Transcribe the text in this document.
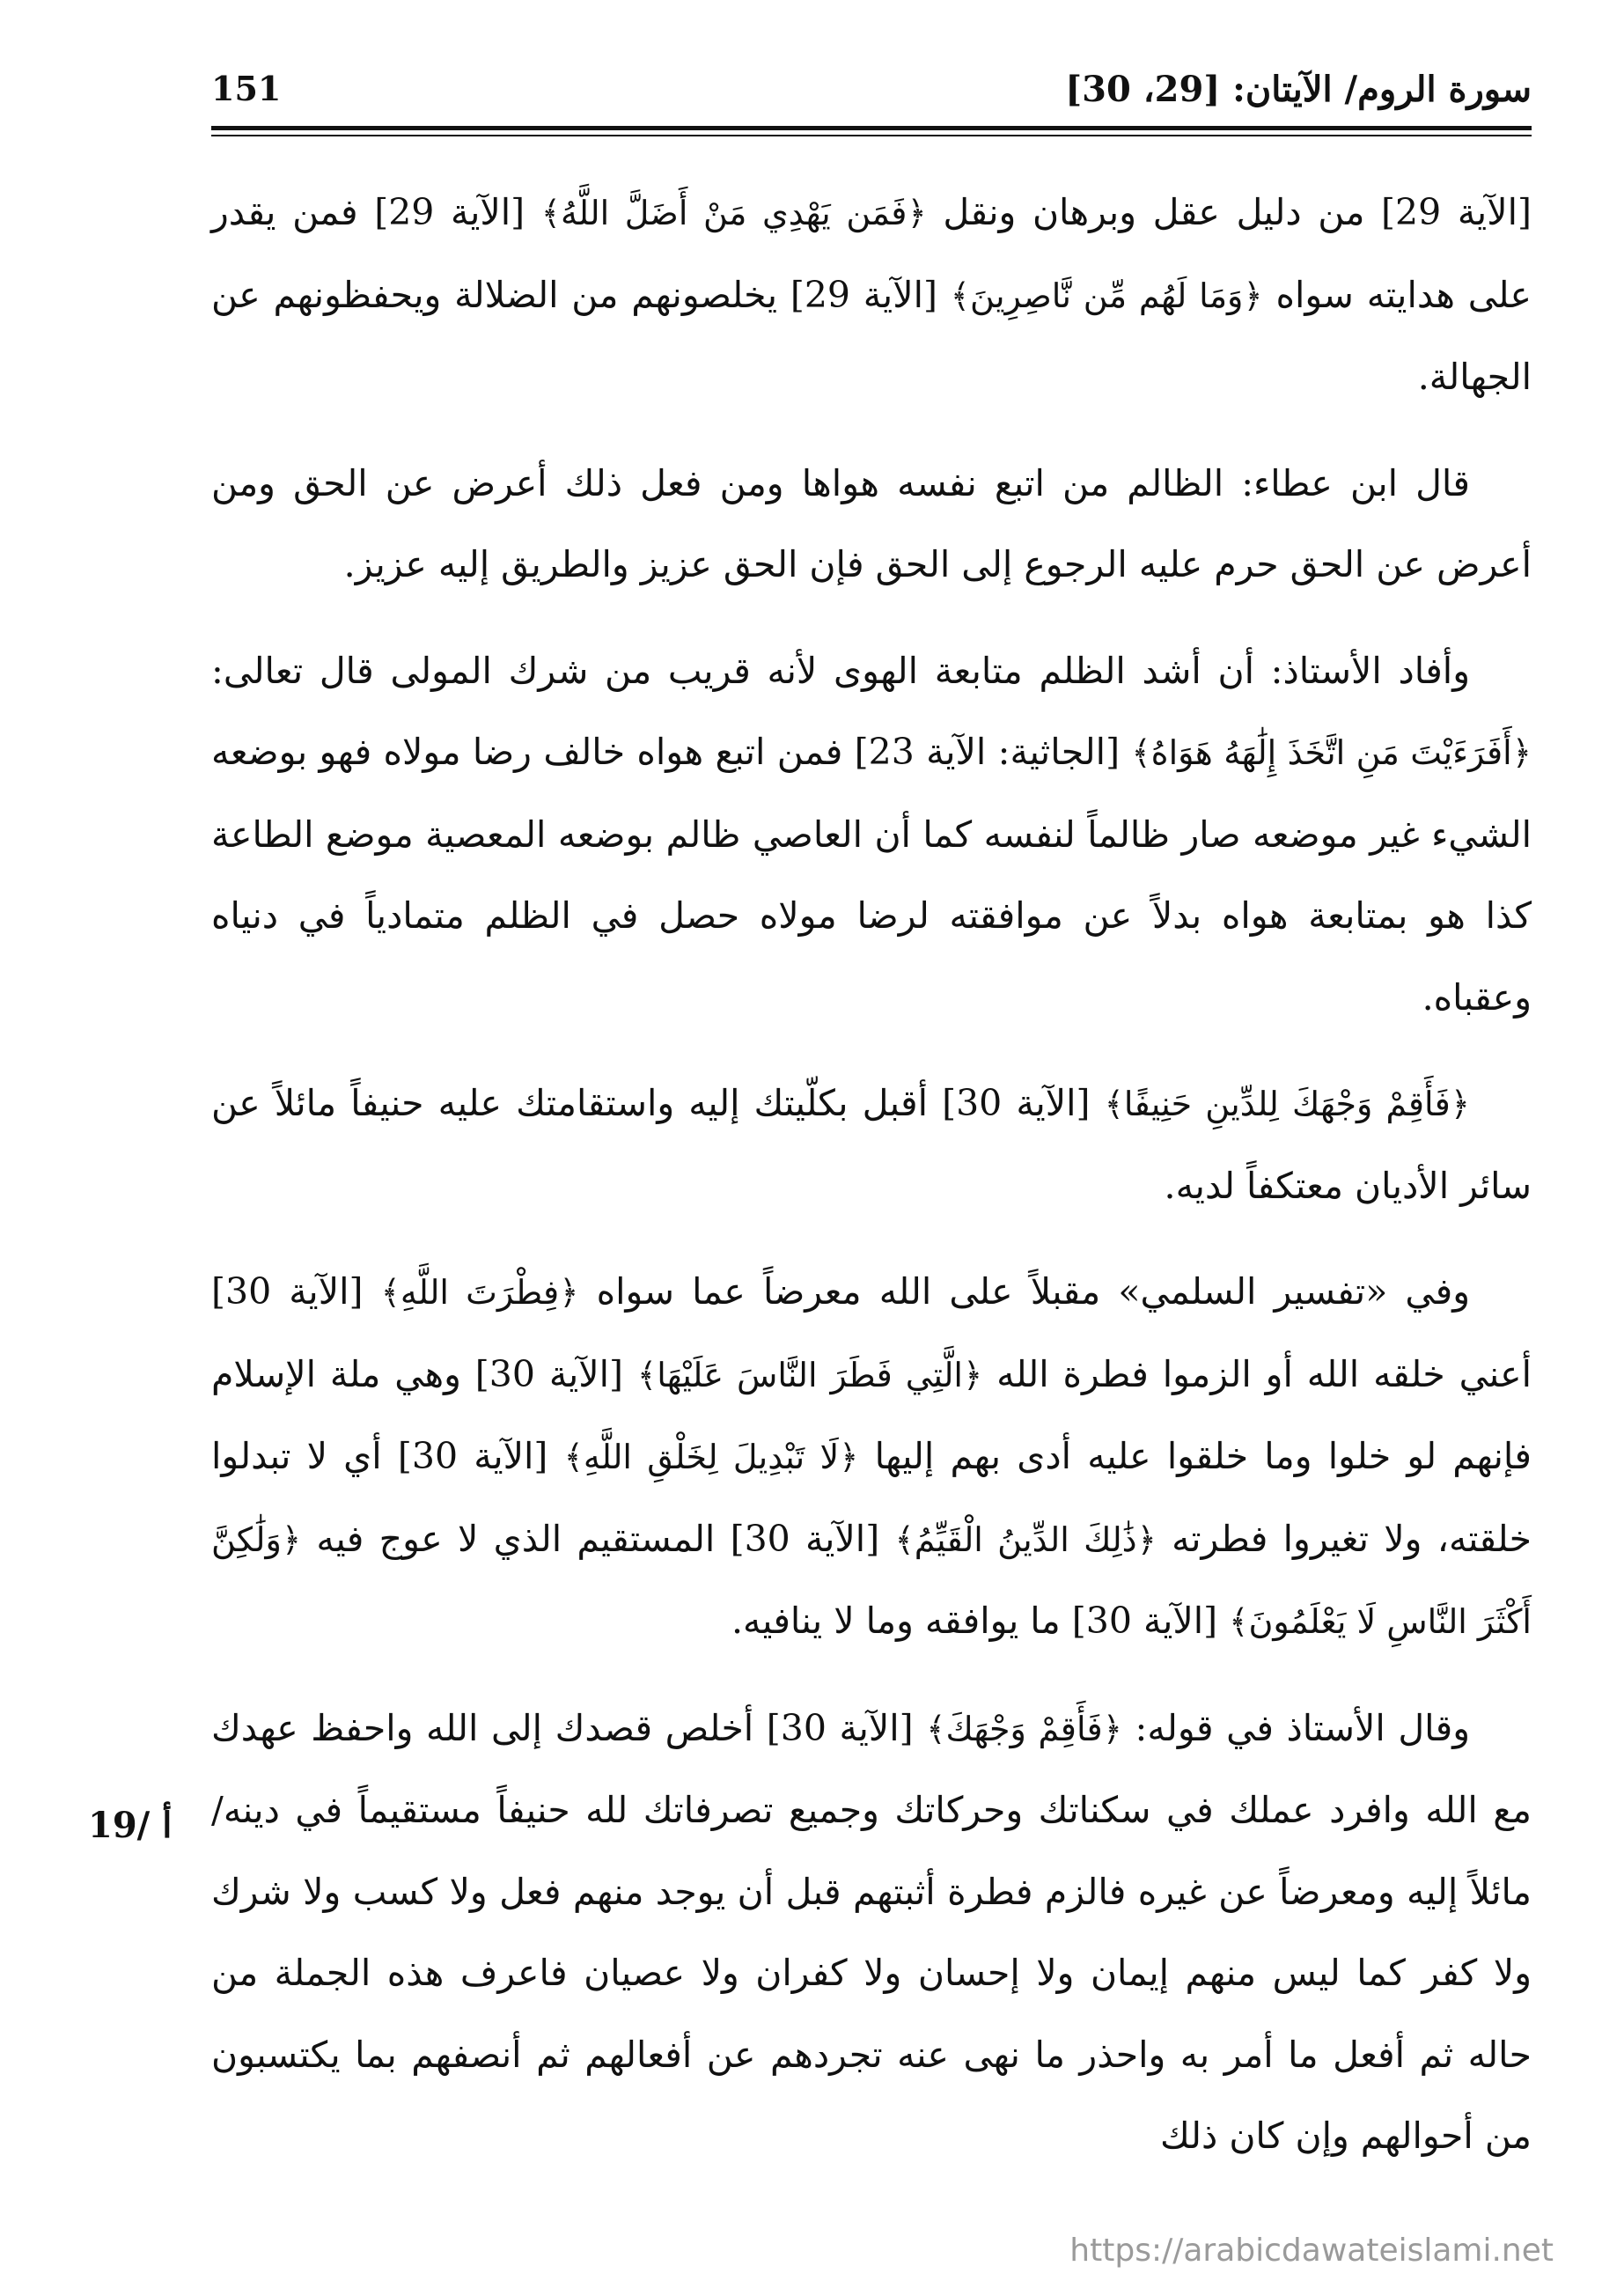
151	سورة الروم/ الآيتان: [29، 30]

[الآية 29] من دليل عقل وبرهان ونقل ﴿فَمَن يَهْدِي مَنْ أَضَلَّ اللَّهُ﴾ [الآية 29] فمن يقدر على هدايته سواه ﴿وَمَا لَهُم مِّن نَّاصِرِينَ﴾ [الآية 29] يخلصونهم من الضلالة ويحفظونهم عن الجهالة.

قال ابن عطاء: الظالم من اتبع نفسه هواها ومن فعل ذلك أعرض عن الحق ومن أعرض عن الحق حرم عليه الرجوع إلى الحق فإن الحق عزيز والطريق إليه عزيز.

وأفاد الأستاذ: أن أشد الظلم متابعة الهوى لأنه قريب من شرك المولى قال تعالى: ﴿أَفَرَءَيْتَ مَنِ اتَّخَذَ إِلَٰهَهُ هَوَاهُ﴾ [الجاثية: الآية 23] فمن اتبع هواه خالف رضا مولاه فهو بوضعه الشيء غير موضعه صار ظالماً لنفسه كما أن العاصي ظالم بوضعه المعصية موضع الطاعة كذا هو بمتابعة هواه بدلاً عن موافقته لرضا مولاه حصل في الظلم متمادياً في دنياه وعقباه.

﴿فَأَقِمْ وَجْهَكَ لِلدِّينِ حَنِيفًا﴾ [الآية 30] أقبل بكلّيتك إليه واستقامتك عليه حنيفاً مائلاً عن سائر الأديان معتكفاً لديه.

وفي «تفسير السلمي» مقبلاً على الله معرضاً عما سواه ﴿فِطْرَتَ اللَّهِ﴾ [الآية 30] أعني خلقه الله أو الزموا فطرة الله ﴿الَّتِي فَطَرَ النَّاسَ عَلَيْهَا﴾ [الآية 30] وهي ملة الإسلام فإنهم لو خلوا وما خلقوا عليه أدى بهم إليها ﴿لَا تَبْدِيلَ لِخَلْقِ اللَّهِ﴾ [الآية 30] أي لا تبدلوا خلقته، ولا تغيروا فطرته ﴿ذَٰلِكَ الدِّينُ الْقَيِّمُ﴾ [الآية 30] المستقيم الذي لا عوج فيه ﴿وَلَٰكِنَّ أَكْثَرَ النَّاسِ لَا يَعْلَمُونَ﴾ [الآية 30] ما يوافقه وما لا ينافيه.

وقال الأستاذ في قوله: ﴿فَأَقِمْ وَجْهَكَ﴾ [الآية 30] أخلص قصدك إلى الله واحفظ عهدك مع الله وافرد عملك في سكناتك وحركاتك وجميع تصرفاتك لله حنيفاً مستقيماً في دينه/ مائلاً إليه ومعرضاً عن غيره فالزم فطرة أثبتهم قبل أن يوجد منهم فعل ولا كسب ولا شرك ولا كفر كما ليس منهم إيمان ولا إحسان ولا كفران ولا عصيان فاعرف هذه الجملة من حاله ثم أفعل ما أمر به واحذر ما نهى عنه تجردهم عن أفعالهم ثم أنصفهم بما يكتسبون من أحوالهم وإن كان ذلك

19/ أ
https://arabicdawateislami.net
